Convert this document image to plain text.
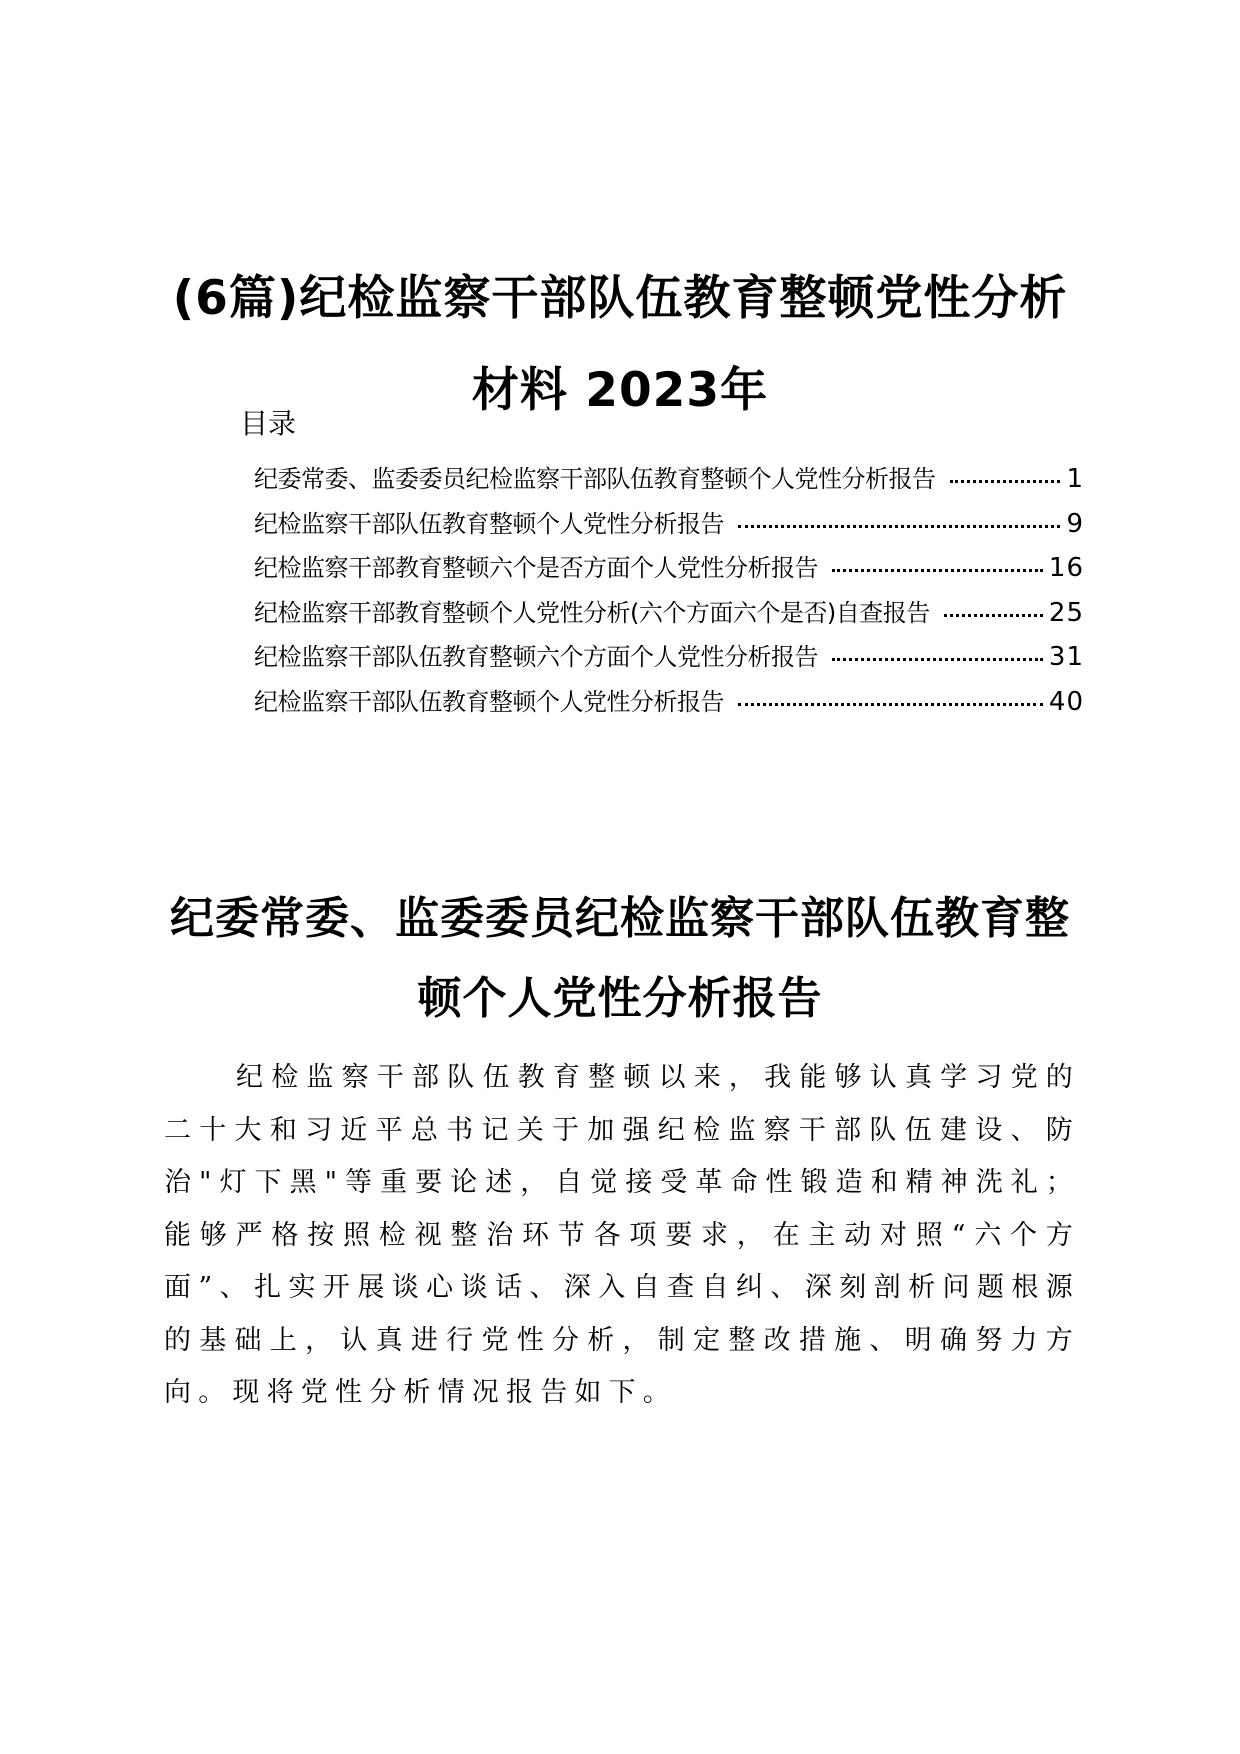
(6篇)纪检监察干部队伍教育整顿党性分析
材料 2023年
目录
纪委常委、监委委员纪检监察干部队伍教育整顿个人党性分析报告	1
纪检监察干部队伍教育整顿个人党性分析报告	9
纪检监察干部教育整顿六个是否方面个人党性分析报告	16
纪检监察干部教育整顿个人党性分析(六个方面六个是否)自查报告	25
纪检监察干部队伍教育整顿六个方面个人党性分析报告	31
纪检监察干部队伍教育整顿个人党性分析报告	40
纪委常委、监委委员纪检监察干部队伍教育整
顿个人党性分析报告

纪检监察干部队伍教育整顿以来，我能够认真学习党的二十大和习近平总书记关于加强纪检监察干部队伍建设、防治"灯下黑"等重要论述，自觉接受革命性锻造和精神洗礼；能够严格按照检视整治环节各项要求，在主动对照“六个方面”、扎实开展谈心谈话、深入自查自纠、深刻剖析问题根源的基础上，认真进行党性分析，制定整改措施、明确努力方向。现将党性分析情况报告如下。
